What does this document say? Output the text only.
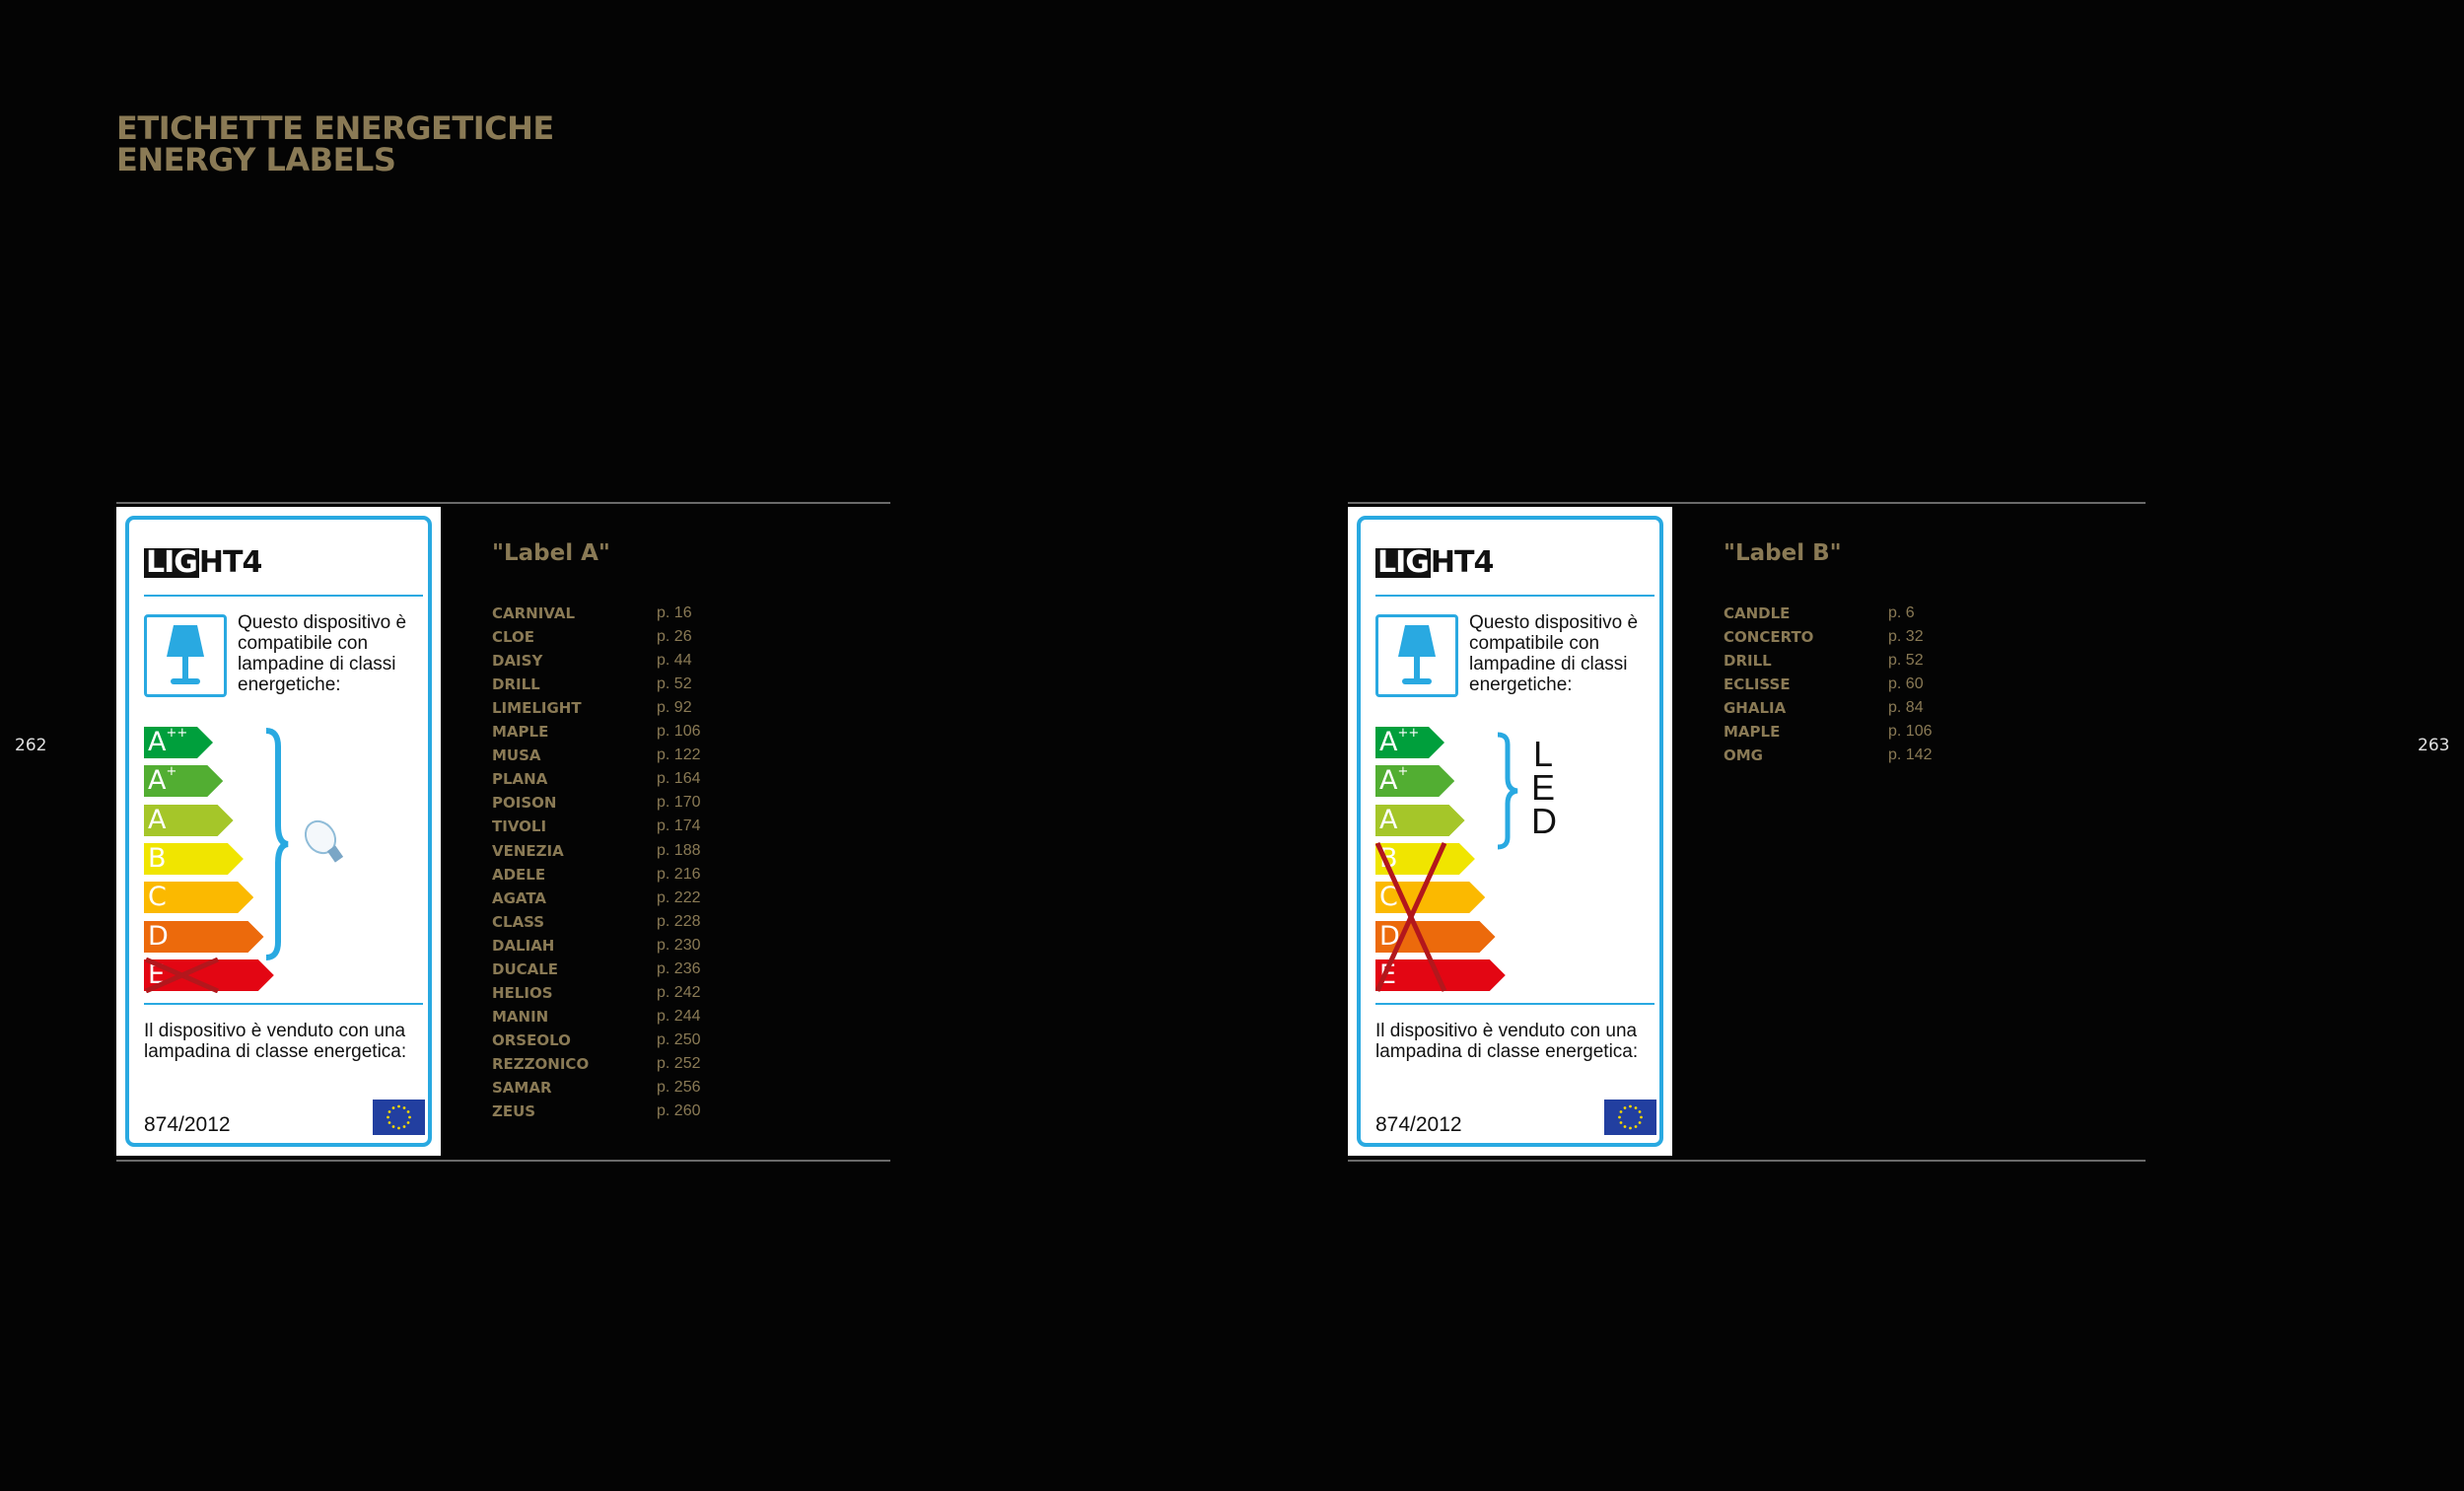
ETICHETTE ENERGETICHE
ENERGY LABELS
262	263
LIGHT4
Questo dispositivo è compatibile con lampadine di classi energetiche:
A++
A+
A
B
C
D
E
Il dispositivo è venduto con una lampadina di classe energetica:
874/2012
LIGHT4
Questo dispositivo è compatibile con lampadine di classi energetiche:
A++
A+
A
B
C
D
E
L
E
D
Il dispositivo è venduto con una lampadina di classe energetica:
874/2012
"Label A"
CARNIVAL	p. 16
CLOE	p. 26
DAISY	p. 44
DRILL	p. 52
LIMELIGHT	p. 92
MAPLE	p. 106
MUSA	p. 122
PLANA	p. 164
POISON	p. 170
TIVOLI	p. 174
VENEZIA	p. 188
ADELE	p. 216
AGATA	p. 222
CLASS	p. 228
DALIAH	p. 230
DUCALE	p. 236
HELIOS	p. 242
MANIN	p. 244
ORSEOLO	p. 250
REZZONICO	p. 252
SAMAR	p. 256
ZEUS	p. 260
"Label B"
CANDLE	p. 6
CONCERTO	p. 32
DRILL	p. 52
ECLISSE	p. 60
GHALIA	p. 84
MAPLE	p. 106
OMG	p. 142
